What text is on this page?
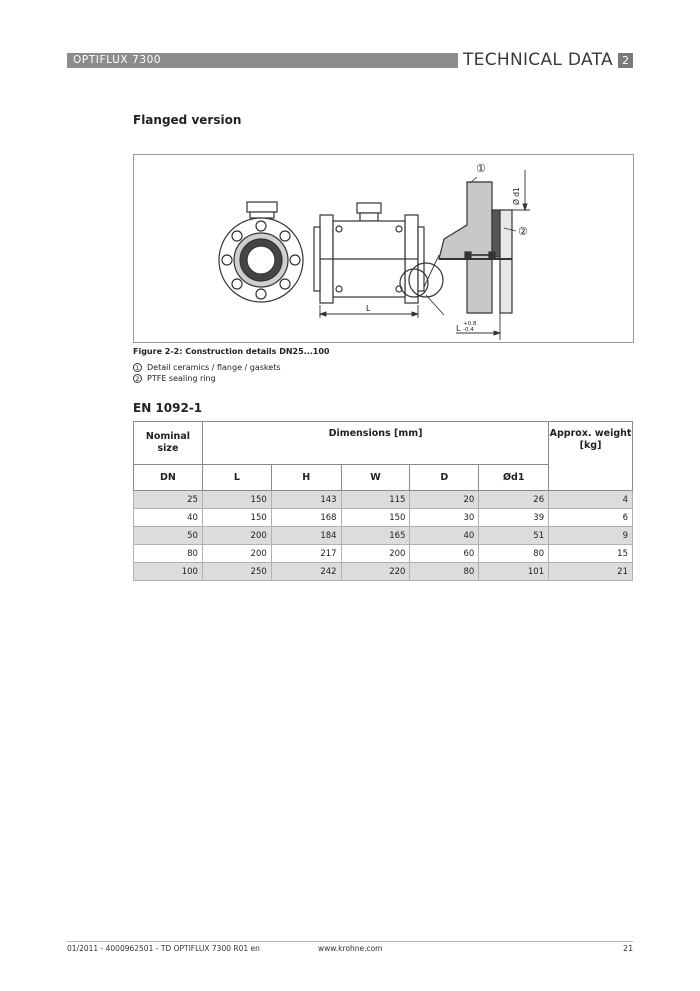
OPTIFLUX 7300	TECHNICAL DATA 2
Flanged version
L
Ø d1
L +0.8
-0.4
①
②
Figure 2-2: Construction details DN25...100
1 Detail ceramics / flange / gaskets
2 PTFE sealing ring
EN 1092-1
Nominal size	Dimensions [mm]					Approx. weight [kg]
DN	L	H	W	D	Ød1	
25	150	143	115	20	26	4
40	150	168	150	30	39	6
50	200	184	165	40	51	9
80	200	217	200	60	80	15
100	250	242	220	80	101	21
01/2011 - 4000962501 - TD OPTIFLUX 7300 R01 en	www.krohne.com	21
